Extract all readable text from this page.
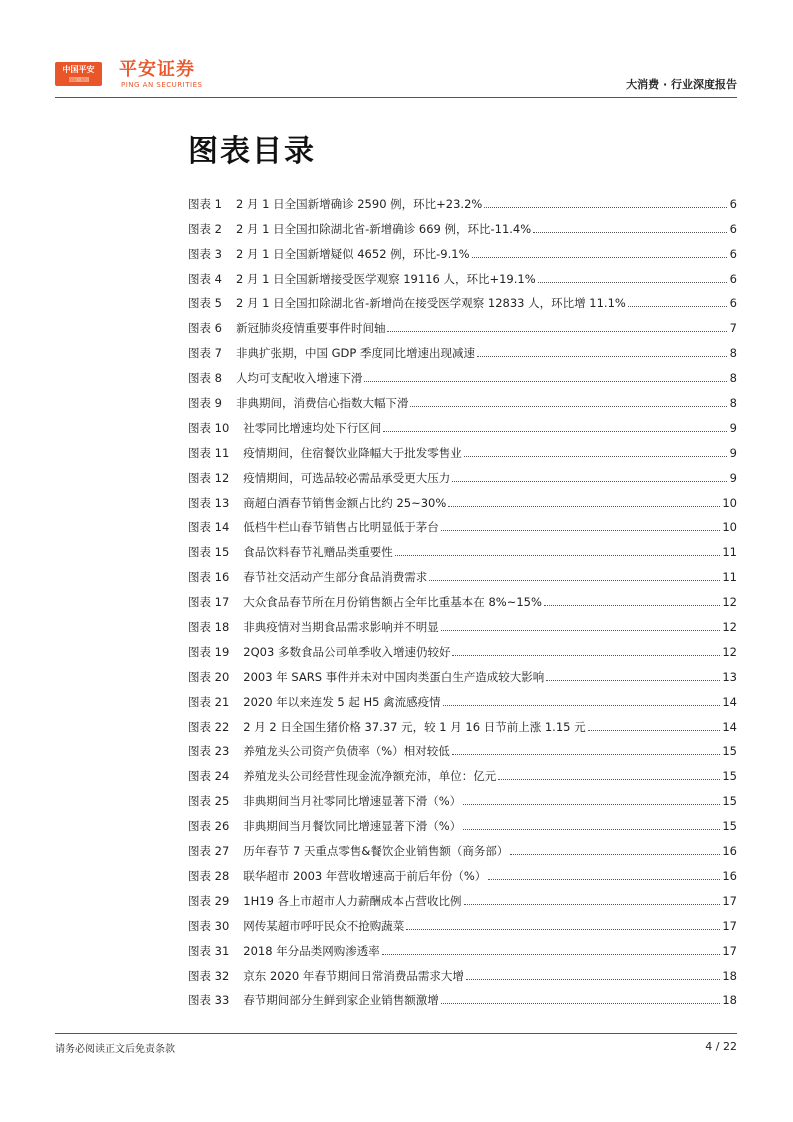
中国平安
保险 · 银行 平安证券
PING AN SECURITIES	大消费 · 行业深度报告
图表目录
图表 1	2 月 1 日全国新增确诊 2590 例，环比+23.2%	6
图表 2	2 月 1 日全国扣除湖北省-新增确诊 669 例，环比-11.4%	6
图表 3	2 月 1 日全国新增疑似 4652 例，环比-9.1%	6
图表 4	2 月 1 日全国新增接受医学观察 19116 人，环比+19.1%	6
图表 5	2 月 1 日全国扣除湖北省-新增尚在接受医学观察 12833 人，环比增 11.1%	6
图表 6	新冠肺炎疫情重要事件时间轴	7
图表 7	非典扩张期，中国 GDP 季度同比增速出现减速	8
图表 8	人均可支配收入增速下滑	8
图表 9	非典期间，消费信心指数大幅下滑	8
图表 10	社零同比增速均处下行区间	9
图表 11	疫情期间，住宿餐饮业降幅大于批发零售业	9
图表 12	疫情期间，可选品较必需品承受更大压力	9
图表 13	商超白酒春节销售金额占比约 25~30%	10
图表 14	低档牛栏山春节销售占比明显低于茅台	10
图表 15	食品饮料春节礼赠品类重要性	11
图表 16	春节社交活动产生部分食品消费需求	11
图表 17	大众食品春节所在月份销售额占全年比重基本在 8%~15%	12
图表 18	非典疫情对当期食品需求影响并不明显	12
图表 19	2Q03 多数食品公司单季收入增速仍较好	12
图表 20	2003 年 SARS 事件并未对中国肉类蛋白生产造成较大影响	13
图表 21	2020 年以来连发 5 起 H5 禽流感疫情	14
图表 22	2 月 2 日全国生猪价格 37.37 元，较 1 月 16 日节前上涨 1.15 元	14
图表 23	养殖龙头公司资产负债率（%）相对较低	15
图表 24	养殖龙头公司经营性现金流净额充沛，单位：亿元	15
图表 25	非典期间当月社零同比增速显著下滑（%）	15
图表 26	非典期间当月餐饮同比增速显著下滑（%）	15
图表 27	历年春节 7 天重点零售&餐饮企业销售额（商务部）	16
图表 28	联华超市 2003 年营收增速高于前后年份（%）	16
图表 29	1H19 各上市超市人力薪酬成本占营收比例	17
图表 30	网传某超市呼吁民众不抢购蔬菜	17
图表 31	2018 年分品类网购渗透率	17
图表 32	京东 2020 年春节期间日常消费品需求大增	18
图表 33	春节期间部分生鲜到家企业销售额激增	18
请务必阅读正文后免责条款	4 / 22
